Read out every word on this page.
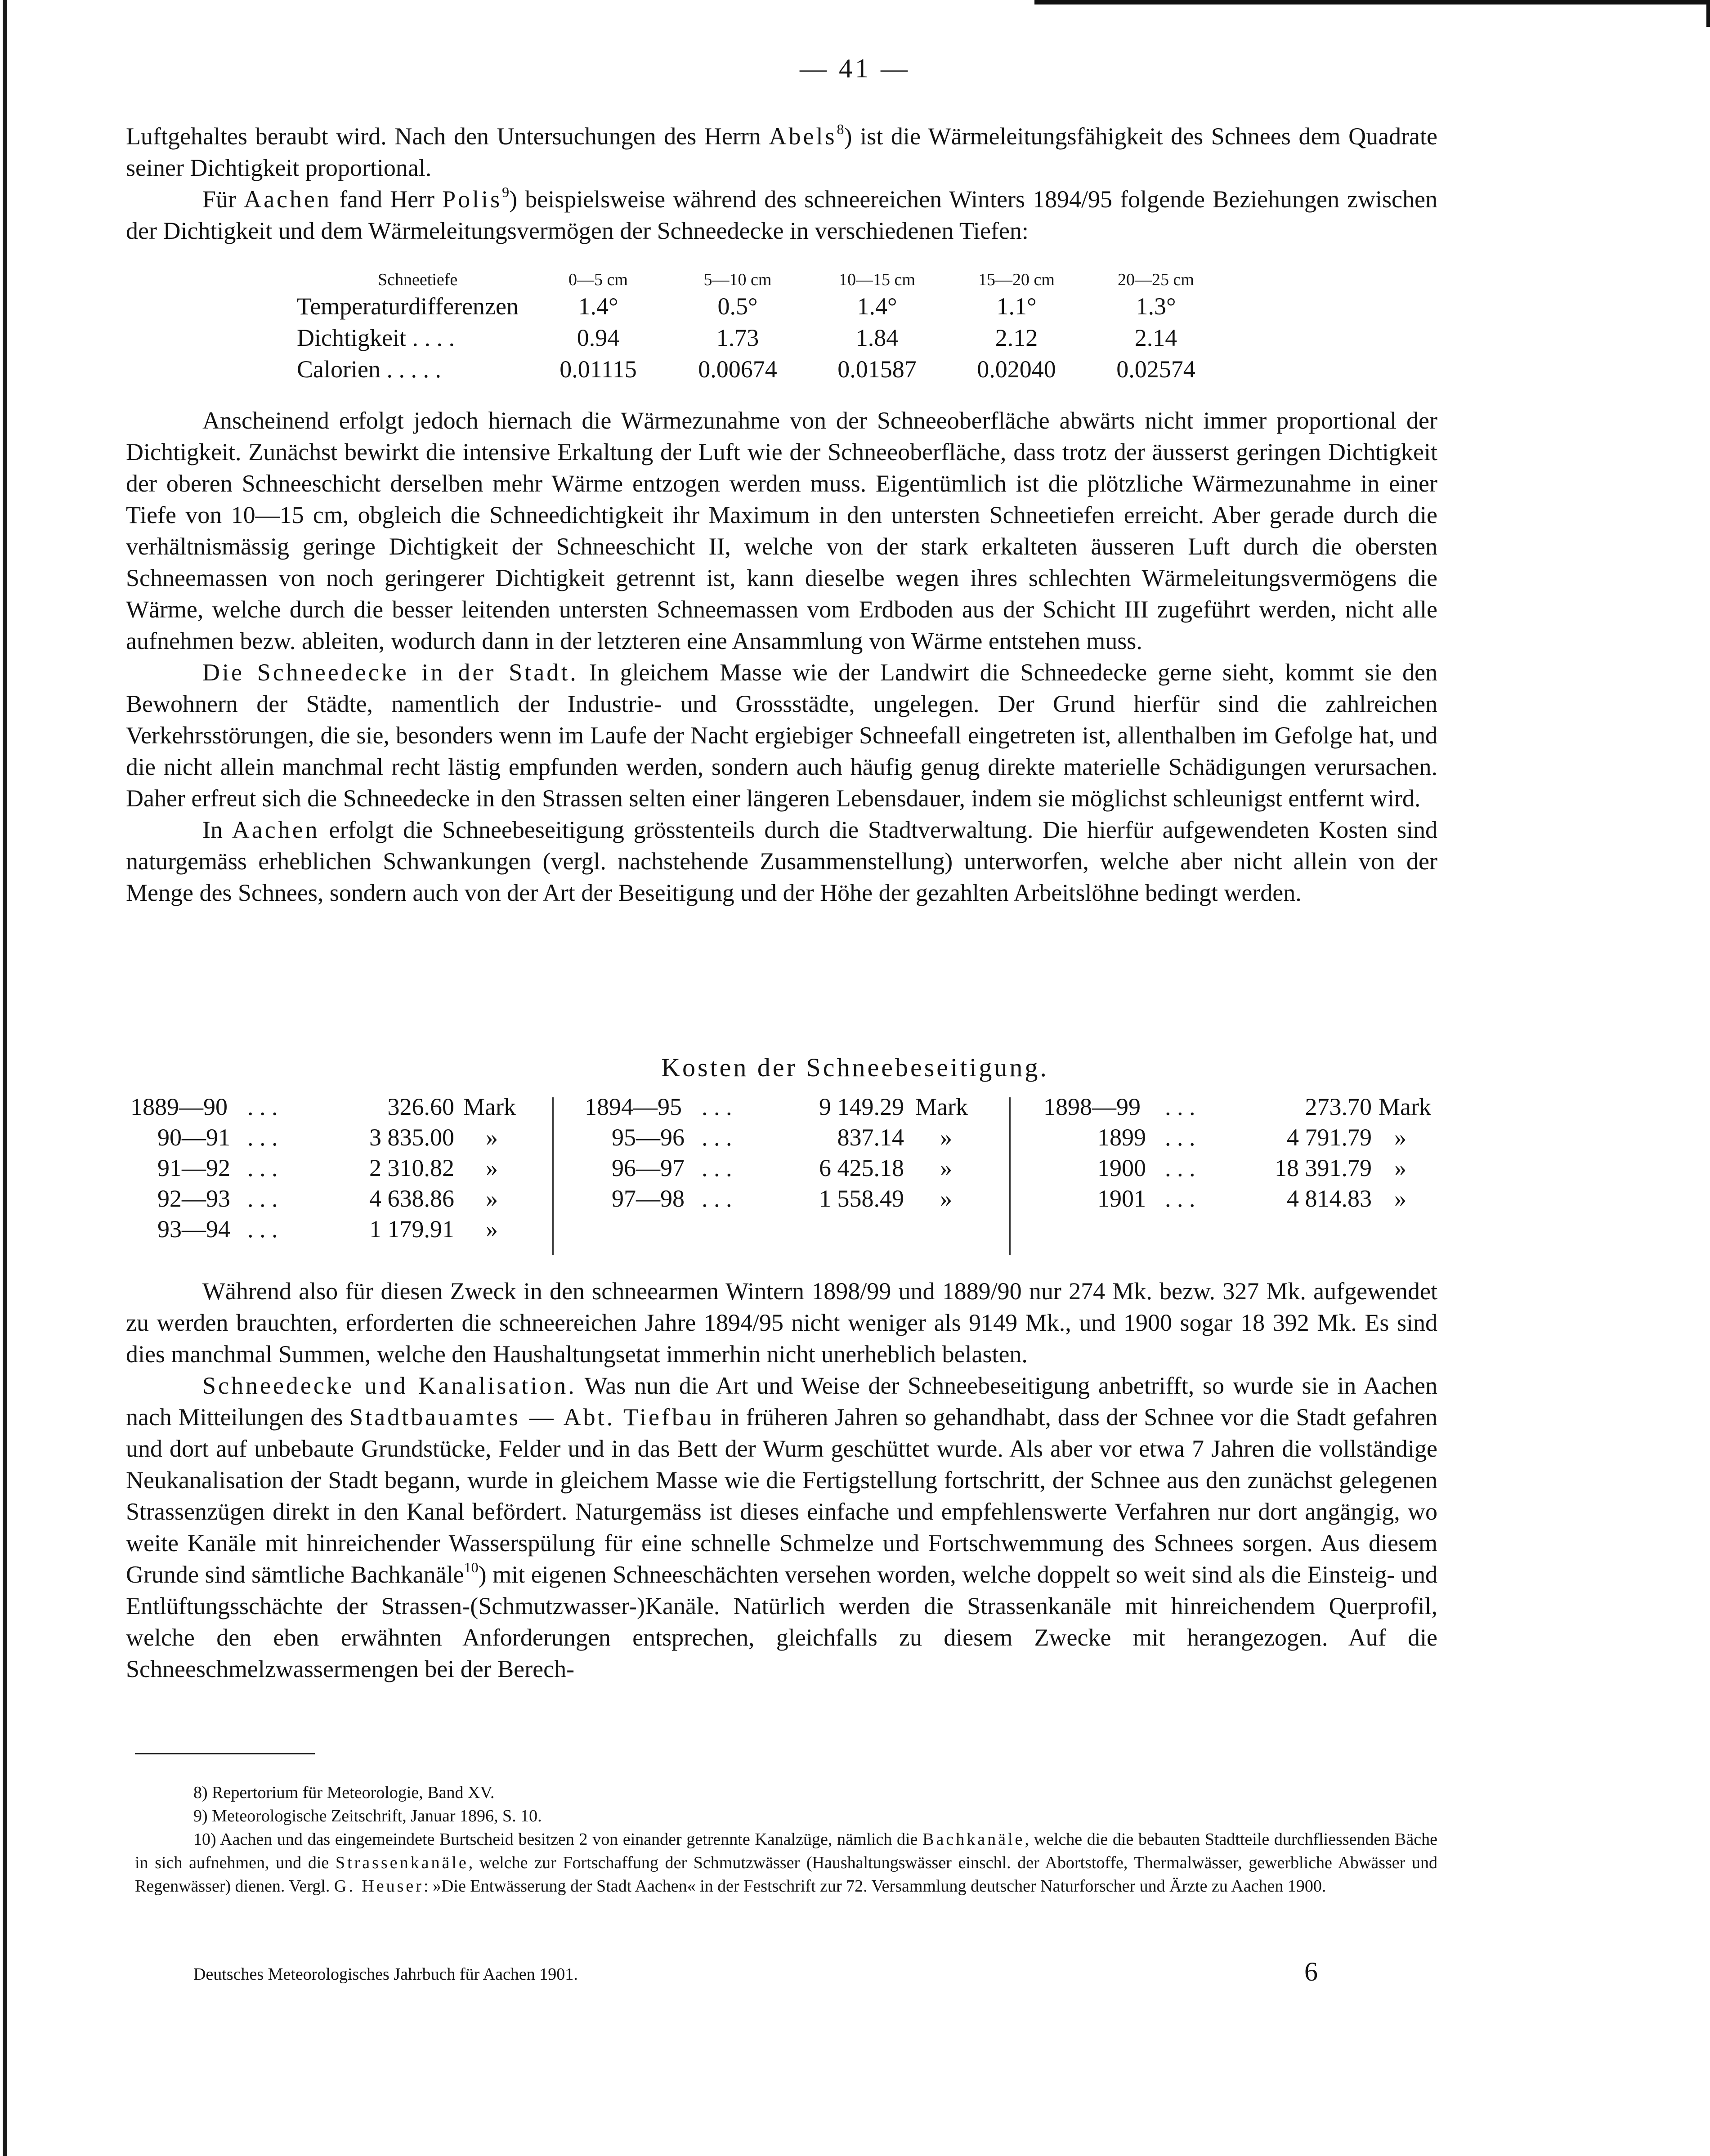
— 41 —

Luftgehaltes beraubt wird. Nach den Untersuchungen des Herrn Abels$^8$) ist die Wärmeleitungsfähigkeit des Schnees dem Quadrate seiner Dichtigkeit proportional.

Für Aachen fand Herr Polis$^9$) beispielsweise während des schneereichen Winters 1894/95 folgende Beziehungen zwischen der Dichtigkeit und dem Wärmeleitungsvermögen der Schneedecke in verschiedenen Tiefen:

Schneetiefe	0—5 cm	5—10 cm	10—15 cm	15—20 cm	20—25 cm
Temperaturdifferenzen	1.4°	0.5°	1.4°	1.1°	1.3°
Dichtigkeit . . . .	0.94	1.73	1.84	2.12	2.14
Calorien . . . . .	0.01115	0.00674	0.01587	0.02040	0.02574

Anscheinend erfolgt jedoch hiernach die Wärmezunahme von der Schneeoberfläche abwärts nicht immer proportional der Dichtigkeit. Zunächst bewirkt die intensive Erkaltung der Luft wie der Schneeoberfläche, dass trotz der äusserst geringen Dichtigkeit der oberen Schneeschicht derselben mehr Wärme entzogen werden muss. Eigentümlich ist die plötzliche Wärmezunahme in einer Tiefe von 10—15 cm, obgleich die Schneedichtigkeit ihr Maximum in den untersten Schneetiefen erreicht. Aber gerade durch die verhältnismässig geringe Dichtigkeit der Schneeschicht II, welche von der stark erkalteten äusseren Luft durch die obersten Schneemassen von noch geringerer Dichtigkeit getrennt ist, kann dieselbe wegen ihres schlechten Wärmeleitungsvermögens die Wärme, welche durch die besser leitenden untersten Schneemassen vom Erdboden aus der Schicht III zugeführt werden, nicht alle aufnehmen bezw. ableiten, wodurch dann in der letzteren eine Ansammlung von Wärme entstehen muss.

Die Schneedecke in der Stadt. In gleichem Masse wie der Landwirt die Schneedecke gerne sieht, kommt sie den Bewohnern der Städte, namentlich der Industrie- und Grossstädte, ungelegen. Der Grund hierfür sind die zahlreichen Verkehrsstörungen, die sie, besonders wenn im Laufe der Nacht ergiebiger Schneefall eingetreten ist, allenthalben im Gefolge hat, und die nicht allein manchmal recht lästig empfunden werden, sondern auch häufig genug direkte materielle Schädigungen verursachen. Daher erfreut sich die Schneedecke in den Strassen selten einer längeren Lebensdauer, indem sie möglichst schleunigst entfernt wird.

In Aachen erfolgt die Schneebeseitigung grösstenteils durch die Stadtverwaltung. Die hierfür aufgewendeten Kosten sind naturgemäss erheblichen Schwankungen (vergl. nachstehende Zusammenstellung) unterworfen, welche aber nicht allein von der Menge des Schnees, sondern auch von der Art der Beseitigung und der Höhe der gezahlten Arbeitslöhne bedingt werden.

Kosten der Schneebeseitigung.
1889—90 . . .	326.60 Mark
90—91 . . .	3 835.00 »
91—92 . . .	2 310.82 »
92—93 . . .	4 638.86 »
93—94 . . .	1 179.91 »
1894—95 . . .	9 149.29 Mark
95—96 . . .	837.14 »
96—97 . . .	6 425.18 »
97—98 . . .	1 558.49 »
1898—99 . . .	273.70 Mark
1899 . . .	4 791.79 »
1900 . . .	18 391.79 »
1901 . . .	4 814.83 »

Während also für diesen Zweck in den schneearmen Wintern 1898/99 und 1889/90 nur 274 Mk. bezw. 327 Mk. aufgewendet zu werden brauchten, erforderten die schneereichen Jahre 1894/95 nicht weniger als 9149 Mk., und 1900 sogar 18 392 Mk. Es sind dies manchmal Summen, welche den Haushaltungsetat immerhin nicht unerheblich belasten.

Schneedecke und Kanalisation. Was nun die Art und Weise der Schneebeseitigung anbetrifft, so wurde sie in Aachen nach Mitteilungen des Stadtbauamtes — Abt. Tiefbau in früheren Jahren so gehandhabt, dass der Schnee vor die Stadt gefahren und dort auf unbebaute Grundstücke, Felder und in das Bett der Wurm geschüttet wurde. Als aber vor etwa 7 Jahren die vollständige Neukanalisation der Stadt begann, wurde in gleichem Masse wie die Fertigstellung fortschritt, der Schnee aus den zunächst gelegenen Strassenzügen direkt in den Kanal befördert. Naturgemäss ist dieses einfache und empfehlenswerte Verfahren nur dort angängig, wo weite Kanäle mit hinreichender Wasserspülung für eine schnelle Schmelze und Fortschwemmung des Schnees sorgen. Aus diesem Grunde sind sämtliche Bachkanäle$^{10}$) mit eigenen Schneeschächten versehen worden, welche doppelt so weit sind als die Einsteig- und Entlüftungsschächte der Strassen-(Schmutzwasser-)Kanäle. Natürlich werden die Strassenkanäle mit hinreichendem Querprofil, welche den eben erwähnten Anforderungen entsprechen, gleichfalls zu diesem Zwecke mit herangezogen. Auf die Schneeschmelzwassermengen bei der Berech-

8) Repertorium für Meteorologie, Band XV.

9) Meteorologische Zeitschrift, Januar 1896, S. 10.

10) Aachen und das eingemeindete Burtscheid besitzen 2 von einander getrennte Kanalzüge, nämlich die Bachkanäle, welche die die bebauten Stadtteile durchfliessenden Bäche in sich aufnehmen, und die Strassenkanäle, welche zur Fortschaffung der Schmutzwässer (Haushaltungswässer einschl. der Abortstoffe, Thermalwässer, gewerbliche Abwässer und Regenwässer) dienen. Vergl. G. Heuser: »Die Entwässerung der Stadt Aachen« in der Festschrift zur 72. Versammlung deutscher Naturforscher und Ärzte zu Aachen 1900.

Deutsches Meteorologisches Jahrbuch für Aachen 1901.	6
